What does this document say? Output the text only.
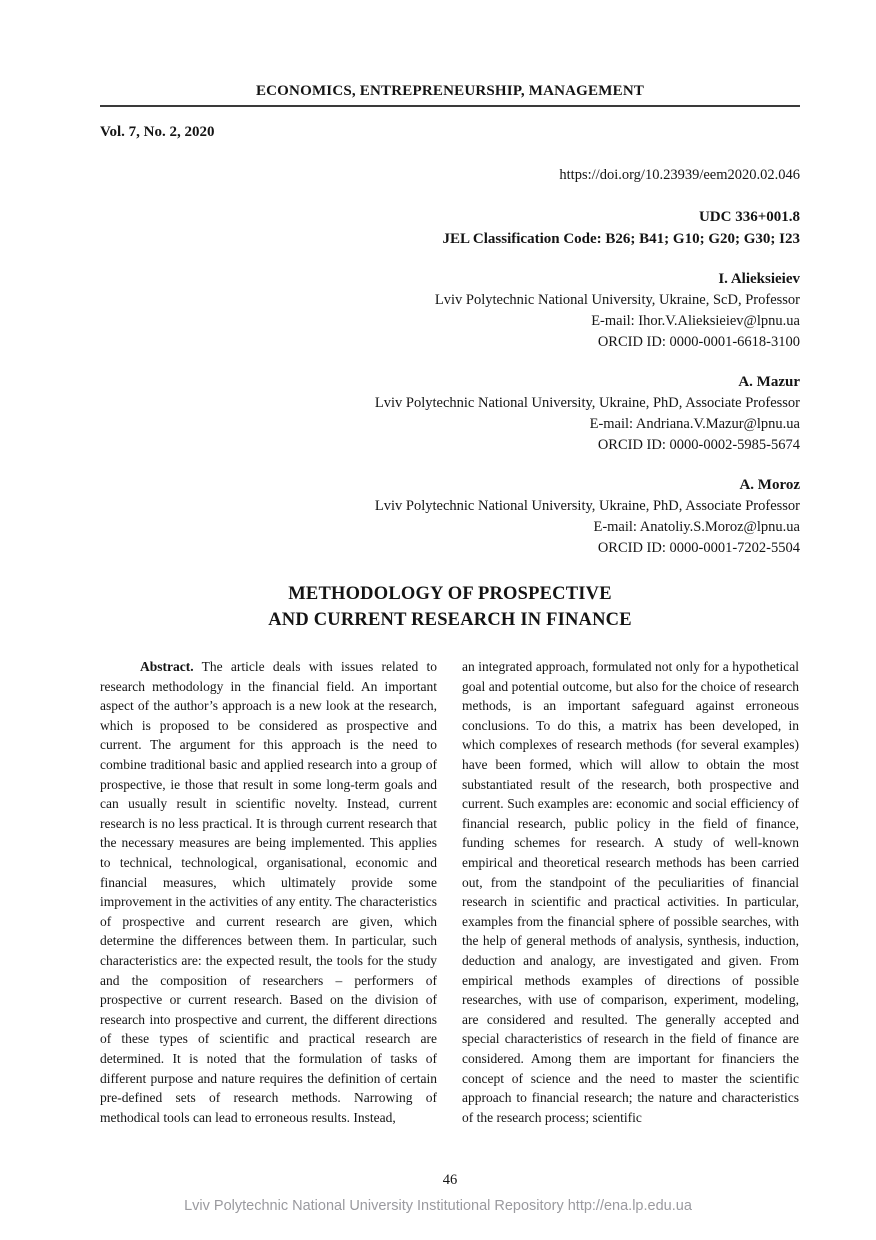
ECONOMICS, ENTREPRENEURSHIP, MANAGEMENT
Vol. 7, No. 2, 2020
https://doi.org/10.23939/eem2020.02.046
UDC 336+001.8
JEL Classification Code: B26; B41; G10; G20; G30; I23
I. Alieksieiev
Lviv Polytechnic National University, Ukraine, ScD, Professor
E-mail: Ihor.V.Alieksieiev@lpnu.ua
ORCID ID: 0000-0001-6618-3100
A. Mazur
Lviv Polytechnic National University, Ukraine, PhD, Associate Professor
E-mail: Andriana.V.Mazur@lpnu.ua
ORCID ID: 0000-0002-5985-5674
A. Moroz
Lviv Polytechnic National University, Ukraine, PhD, Associate Professor
E-mail: Anatoliy.S.Moroz@lpnu.ua
ORCID ID: 0000-0001-7202-5504
METHODOLOGY OF PROSPECTIVE
AND CURRENT RESEARCH IN FINANCE

Abstract. The article deals with issues related to research methodology in the financial field. An important aspect of the author’s approach is a new look at the research, which is proposed to be considered as prospective and current. The argument for this approach is the need to combine traditional basic and applied research into a group of prospective, ie those that result in some long-term goals and can usually result in scientific novelty. Instead, current research is no less practical. It is through current research that the necessary measures are being implemented. This applies to technical, technological, organisational, economic and financial measures, which ultimately provide some improvement in the activities of any entity. The characteristics of prospective and current research are given, which determine the differences between them. In particular, such characteristics are: the expected result, the tools for the study and the composition of researchers – performers of prospective or current research. Based on the division of research into prospective and current, the different directions of these types of scientific and practical research are determined. It is noted that the formulation of tasks of different purpose and nature requires the definition of certain pre-defined sets of research methods. Narrowing of methodical tools can lead to erroneous results. Instead,

an integrated approach, formulated not only for a hypothetical goal and potential outcome, but also for the choice of research methods, is an important safeguard against erroneous conclusions. To do this, a matrix has been developed, in which complexes of research methods (for several examples) have been formed, which will allow to obtain the most substantiated result of the research, both prospective and current. Such examples are: economic and social efficiency of financial research, public policy in the field of finance, funding schemes for research. A study of well-known empirical and theoretical research methods has been carried out, from the standpoint of the peculiarities of financial research in scientific and practical activities. In particular, examples from the financial sphere of possible searches, with the help of general methods of analysis, synthesis, induction, deduction and analogy, are investigated and given. From empirical methods examples of directions of possible researches, with use of comparison, experiment, modeling, are considered and resulted. The generally accepted and special characteristics of research in the field of finance are considered. Among them are important for financiers the concept of science and the need to master the scientific approach to financial research; the nature and characteristics of the research process; scientific

46
Lviv Polytechnic National University Institutional Repository http://ena.lp.edu.ua
